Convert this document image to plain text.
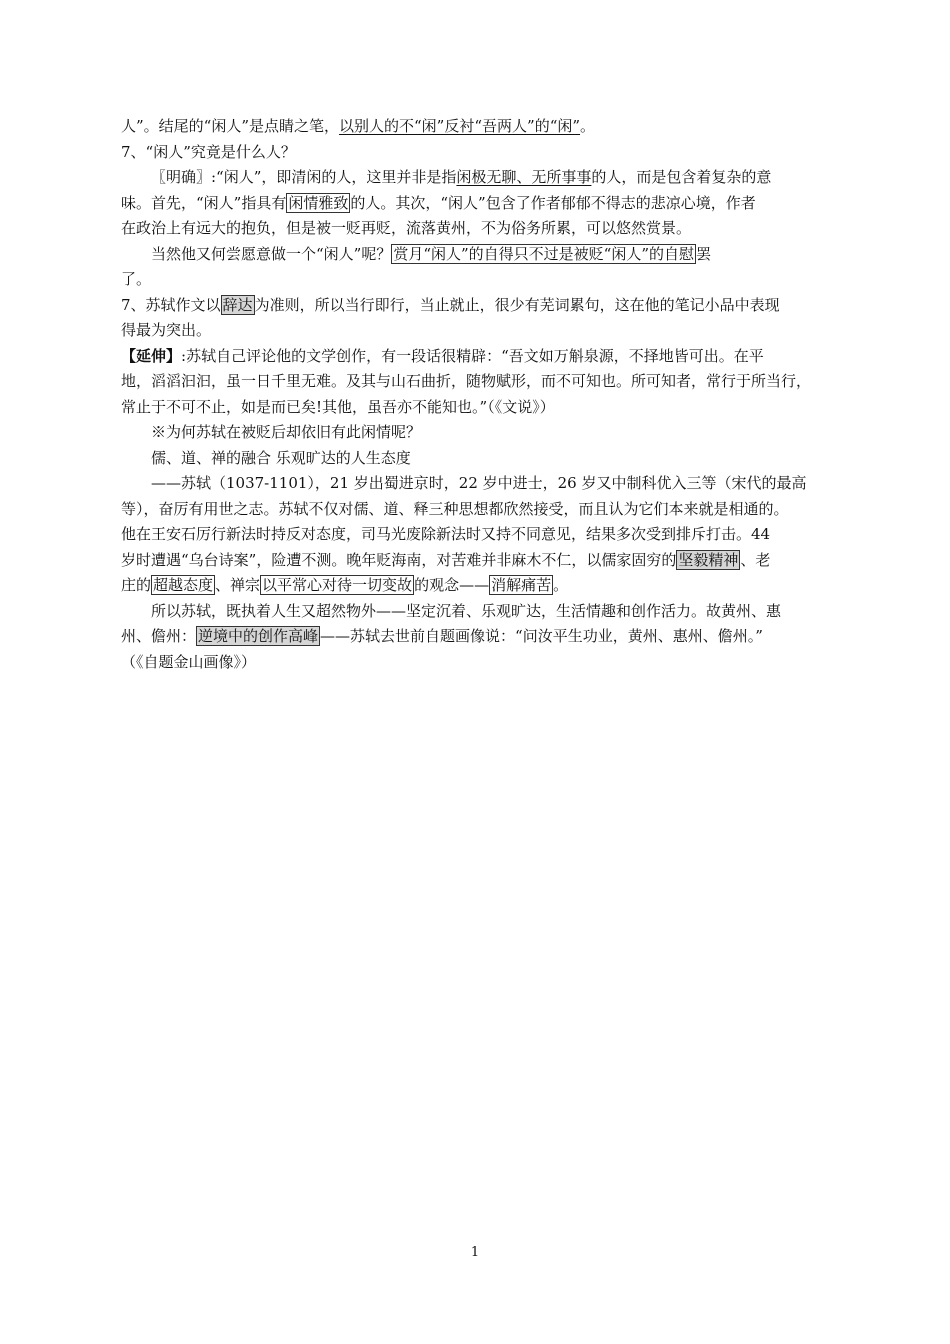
人”。结尾的“闲人”是点睛之笔，以别人的不“闲”反衬“吾两人”的“闲”。
7、“闲人”究竟是什么人？
〖明确〗:“闲人”，即清闲的人，这里并非是指闲极无聊、无所事事的人，而是包含着复杂的意
味。首先，“闲人”指具有 闲情雅致 的人。其次，“闲人”包含了作者郁郁不得志的悲凉心境，作者
在政治上有远大的抱负，但是被一贬再贬，流落黄州，不为俗务所累，可以悠然赏景。
当然他又何尝愿意做一个“闲人”呢？ 赏月“闲人”的自得只不过是被贬“闲人”的自慰 罢
了。
7、苏轼作文以 辞达 为准则，所以当行即行，当止就止，很少有芜词累句，这在他的笔记小品中表现
得最为突出。
【延伸】:苏轼自己评论他的文学创作，有一段话很精辟：“吾文如万斛泉源，不择地皆可出。在平
地，滔滔汩汩，虽一日千里无难。及其与山石曲折，随物赋形，而不可知也。所可知者，常行于所当行，
常止于不可不止，如是而已矣!其他，虽吾亦不能知也。”（《文说》）
※为何苏轼在被贬后却依旧有此闲情呢？
儒、道、禅的融合 乐观旷达的人生态度
——苏轼（1037-1101），21 岁出蜀进京时，22 岁中进士，26 岁又中制科优入三等（宋代的最高
等），奋厉有用世之志。苏轼不仅对儒、道、释三种思想都欣然接受，而且认为它们本来就是相通的。
他在王安石厉行新法时持反对态度，司马光废除新法时又持不同意见，结果多次受到排斥打击。44
岁时遭遇“乌台诗案”，险遭不测。晚年贬海南，对苦难并非麻木不仁，以儒家固穷的 坚毅精神 、老
庄的 超越态度 、禅宗 以平常心对待一切变故 的观念—— 消解痛苦 。
所以苏轼，既执着人生又超然物外——坚定沉着、乐观旷达，生活情趣和创作活力。故黄州、惠
州、儋州： 逆境中的创作高峰 ——苏轼去世前自题画像说：“问汝平生功业，黄州、惠州、儋州。”
（《自题金山画像》）
1
